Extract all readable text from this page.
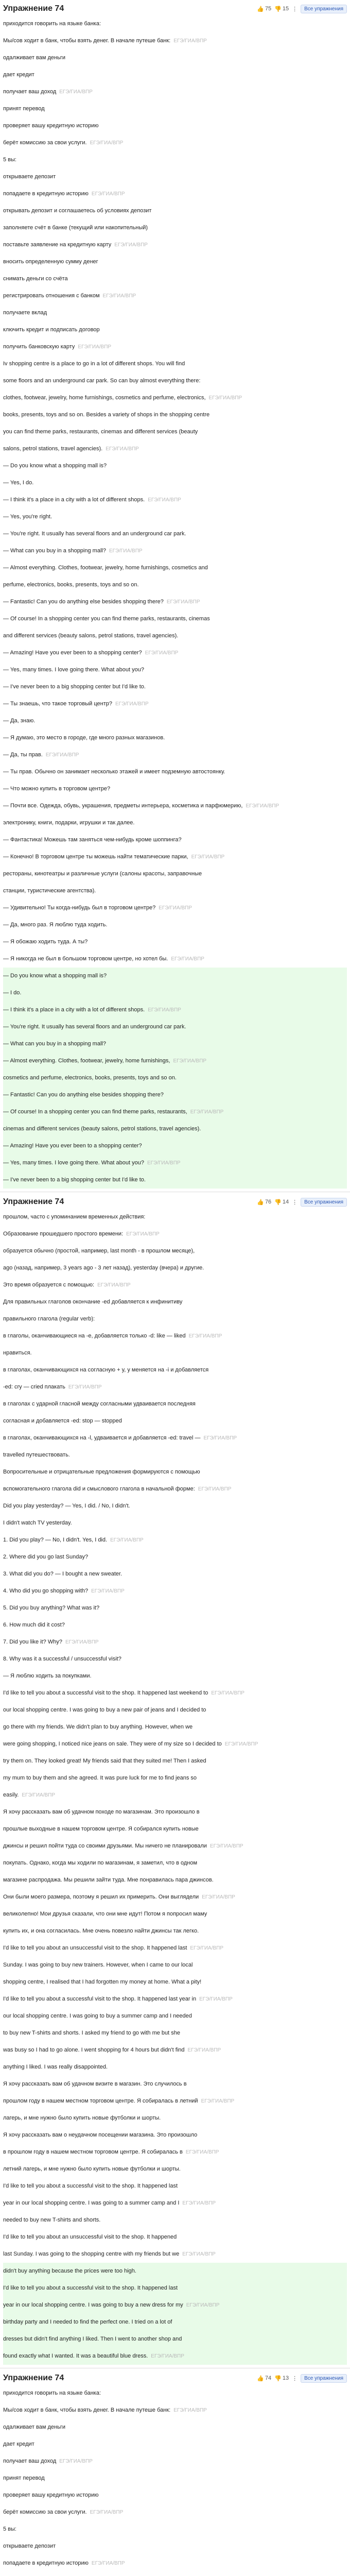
Упражнение 74	👍 75 👎 15 ⋮	Все упражнения
приходится говорить на языке банка:
Мы/сов ходит в банк, чтобы взять денег. В начале путеше банк: ЕГЭ/ГИА/ВПР
одалживает вам деньги
дает кредит
получает ваш доход ЕГЭ/ГИА/ВПР
принят перевод
проверяет вашу кредитную историю
берёт комиссию за свои услуги. ЕГЭ/ГИА/ВПР
5 вы:
открываете депозит
попадаете в кредитную историю ЕГЭ/ГИА/ВПР
открывать депозит и соглашаетесь об условиях депозит
заполняете счёт в банке (текущий или накопительный)
поставьте заявление на кредитную карту ЕГЭ/ГИА/ВПР
вносить определенную сумму денег
снимать деньги со счёта
регистрировать отношения с банком ЕГЭ/ГИА/ВПР
получаете вклад
ключить кредит и подписать договор
получить банковскую карту ЕГЭ/ГИА/ВПР
Iv shopping centre is a place to go in a lot of different shops. You will find
some floors and an underground car park. So can buy almost everything there:
clothes, footwear, jewelry, home furnishings, cosmetics and perfume, electronics, ЕГЭ/ГИА/ВПР
books, presents, toys and so on. Besides a variety of shops in the shopping centre
you can find theme parks, restaurants, cinemas and different services (beauty
salons, petrol stations, travel agencies). ЕГЭ/ГИА/ВПР
— Do you know what a shopping mall is?
— Yes, I do.
— I think it's a place in a city with a lot of different shops. ЕГЭ/ГИА/ВПР
— Yes, you're right.
— You're right. It usually has several floors and an underground car park.
— What can you buy in a shopping mall? ЕГЭ/ГИА/ВПР
— Almost everything. Clothes, footwear, jewelry, home furnishings, cosmetics and
perfume, electronics, books, presents, toys and so on.
— Fantastic! Can you do anything else besides shopping there? ЕГЭ/ГИА/ВПР
— Of course! In a shopping center you can find theme parks, restaurants, cinemas
and different services (beauty salons, petrol stations, travel agencies).
— Amazing! Have you ever been to a shopping center? ЕГЭ/ГИА/ВПР
— Yes, many times. I love going there. What about you?
— I've never been to a big shopping center but I'd like to.
— Ты знаешь, что такое торговый центр? ЕГЭ/ГИА/ВПР
— Да, знаю.
— Я думаю, это место в городе, где много разных магазинов.
— Да, ты прав. ЕГЭ/ГИА/ВПР
— Ты прав. Обычно он занимает несколько этажей и имеет подземную автостоянку.
— Что можно купить в торговом центре?
— Почти все. Одежда, обувь, украшения, предметы интерьера, косметика и парфюмерию, ЕГЭ/ГИА/ВПР
электронику, книги, подарки, игрушки и так далее.
— Фантастика! Можешь там заняться чем-нибудь кроме шоппинга?
— Конечно! В торговом центре ты можешь найти тематические парки, ЕГЭ/ГИА/ВПР
рестораны, кинотеатры и различные услуги (салоны красоты, заправочные
станции, туристические агентства).
— Удивительно! Ты когда-нибудь был в торговом центре? ЕГЭ/ГИА/ВПР
— Да, много раз. Я люблю туда ходить.
— Я обожаю ходить туда. А ты?
— Я никогда не был в большом торговом центре, но хотел бы. ЕГЭ/ГИА/ВПР
— Do you know what a shopping mall is?
— I do.
— I think it's a place in a city with a lot of different shops. ЕГЭ/ГИА/ВПР
— You're right. It usually has several floors and an underground car park.
— What can you buy in a shopping mall?
— Almost everything. Clothes, footwear, jewelry, home furnishings, ЕГЭ/ГИА/ВПР
cosmetics and perfume, electronics, books, presents, toys and so on.
— Fantastic! Can you do anything else besides shopping there?
— Of course! In a shopping center you can find theme parks, restaurants, ЕГЭ/ГИА/ВПР
cinemas and different services (beauty salons, petrol stations, travel agencies).
— Amazing! Have you ever been to a shopping center?
— Yes, many times. I love going there. What about you? ЕГЭ/ГИА/ВПР
— I've never been to a big shopping center but I'd like to.
Упражнение 74	👍 76 👎 14 ⋮	Все упражнения
прошлом, часто с упоминанием временных действия:
Образование прошедшего простого времени: ЕГЭ/ГИА/ВПР
образуется обычно (простой, например, last month - в прошлом месяце),
ago (назад, например, 3 years ago - 3 лет назад), yesterday (вчера) и другие.
Это время образуется с помощью: ЕГЭ/ГИА/ВПР
Для правильных глаголов окончание -ed добавляется к инфинитиву
правильного глагола (regular verb):
в глаголы, оканчивающиеся на -e, добавляется только -d: like — liked ЕГЭ/ГИА/ВПР
нравиться.
в глаголах, оканчивающихся на согласную + y, y меняется на -i и добавляется
-ed: cry — cried плакать ЕГЭ/ГИА/ВПР
в глаголах с ударной гласной между согласными удваивается последняя
согласная и добавляется -ed: stop — stopped
в глаголах, оканчивающихся на -l, удваивается и добавляется -ed: travel — ЕГЭ/ГИА/ВПР
travelled путешествовать.
Вопросительные и отрицательные предложения формируются с помощью
вспомогательного глагола did и смыслового глагола в начальной форме: ЕГЭ/ГИА/ВПР
Did you play yesterday? — Yes, I did. / No, I didn't.
I didn't watch TV yesterday.
1. Did you play? — No, I didn't. Yes, I did. ЕГЭ/ГИА/ВПР
2. Where did you go last Sunday?
3. What did you do? — I bought a new sweater.
4. Who did you go shopping with? ЕГЭ/ГИА/ВПР
5. Did you buy anything? What was it?
6. How much did it cost?
7. Did you like it? Why? ЕГЭ/ГИА/ВПР
8. Why was it a successful / unsuccessful visit?
— Я люблю ходить за покупками.
I'd like to tell you about a successful visit to the shop. It happened last weekend to ЕГЭ/ГИА/ВПР
our local shopping centre. I was going to buy a new pair of jeans and I decided to
go there with my friends. We didn't plan to buy anything. However, when we
were going shopping, I noticed nice jeans on sale. They were of my size so I decided to ЕГЭ/ГИА/ВПР
try them on. They looked great! My friends said that they suited me! Then I asked
my mum to buy them and she agreed. It was pure luck for me to find jeans so
easily. ЕГЭ/ГИА/ВПР
Я хочу рассказать вам об удачном походе по магазинам. Это произошло в
прошлые выходные в нашем торговом центре. Я собирался купить новые
джинсы и решил пойти туда со своими друзьями. Мы ничего не планировали ЕГЭ/ГИА/ВПР
покупать. Однако, когда мы ходили по магазинам, я заметил, что в одном
магазине распродажа. Мы решили зайти туда. Мне понравилась пара джинсов.
Они были моего размера, поэтому я решил их примерить. Они выглядели ЕГЭ/ГИА/ВПР
великолепно! Мои друзья сказали, что они мне идут! Потом я попросил маму
купить их, и она согласилась. Мне очень повезло найти джинсы так легко.
I'd like to tell you about an unsuccessful visit to the shop. It happened last ЕГЭ/ГИА/ВПР
Sunday. I was going to buy new trainers. However, when I came to our local
shopping centre, I realised that I had forgotten my money at home. What a pity!
I'd like to tell you about a successful visit to the shop. It happened last year in ЕГЭ/ГИА/ВПР
our local shopping centre. I was going to buy a summer camp and I needed
to buy new T-shirts and shorts. I asked my friend to go with me but she
was busy so I had to go alone. I went shopping for 4 hours but didn't find ЕГЭ/ГИА/ВПР
anything I liked. I was really disappointed.
Я хочу рассказать вам об удачном визите в магазин. Это случилось в
прошлом году в нашем местном торговом центре. Я собиралась в летний ЕГЭ/ГИА/ВПР
лагерь, и мне нужно было купить новые футболки и шорты.
Я хочу рассказать вам о неудачном посещении магазина. Это произошло
в прошлом году в нашем местном торговом центре. Я собиралась в ЕГЭ/ГИА/ВПР
летний лагерь, и мне нужно было купить новые футболки и шорты.
I'd like to tell you about a successful visit to the shop. It happened last
year in our local shopping centre. I was going to a summer camp and I ЕГЭ/ГИА/ВПР
needed to buy new T-shirts and shorts.
I'd like to tell you about an unsuccessful visit to the shop. It happened
last Sunday. I was going to the shopping centre with my friends but we ЕГЭ/ГИА/ВПР
didn't buy anything because the prices were too high.
I'd like to tell you about a successful visit to the shop. It happened last
year in our local shopping centre. I was going to buy a new dress for my ЕГЭ/ГИА/ВПР
birthday party and I needed to find the perfect one. I tried on a lot of
dresses but didn't find anything I liked. Then I went to another shop and
found exactly what I wanted. It was a beautiful blue dress. ЕГЭ/ГИА/ВПР
Упражнение 74	👍 74 👎 13 ⋮	Все упражнения
приходится говорить на языке банка:
Мы/сов ходит в банк, чтобы взять денег. В начале путеше банк: ЕГЭ/ГИА/ВПР
одалживает вам деньги
дает кредит
получает ваш доход ЕГЭ/ГИА/ВПР
принят перевод
проверяет вашу кредитную историю
берёт комиссию за свои услуги. ЕГЭ/ГИА/ВПР
5 вы:
открываете депозит
попадаете в кредитную историю ЕГЭ/ГИА/ВПР
